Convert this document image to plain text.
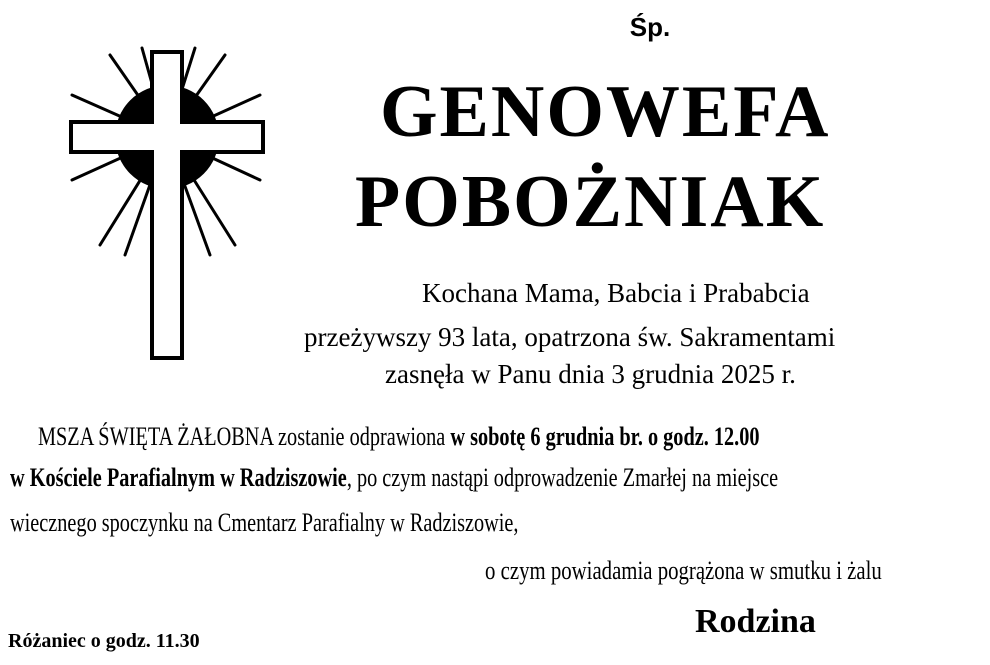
Śp.
GENOWEFA
POBOŻNIAK
Kochana Mama, Babcia i Prababcia
przeżywszy 93 lata, opatrzona św. Sakramentami
zasnęła w Panu dnia 3 grudnia 2025 r.
MSZA ŚWIĘTA ŻAŁOBNA zostanie odprawiona w sobotę 6 grudnia br. o godz. 12.00
w Kościele Parafialnym w Radziszowie, po czym nastąpi odprowadzenie Zmarłej na miejsce
wiecznego spoczynku na Cmentarz Parafialny w Radziszowie,
o czym powiadamia pogrążona w smutku i żalu
Rodzina
Różaniec o godz. 11.30
